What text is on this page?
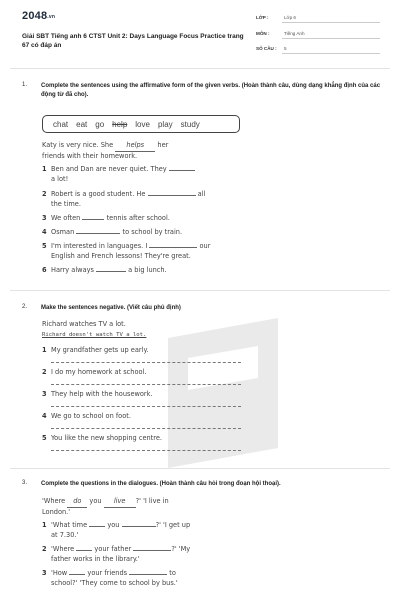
2048.vn
Giải SBT Tiếng anh 6 CTST Unit 2: Days Language Focus Practice trang 67 có đáp án
LỚP :	Lớp 6
MÔN :	Tiếng Anh
SỐ CÂU : 5
1. Complete the sentences using the affirmative form of the given verbs. (Hoàn thành câu, dùng dạng khẳng định của các động từ đã cho).
chat eat go help love play study
Katy is very nice. She helps her
friends with their homework.
1 Ben and Dan are never quiet. They
a lot!
2 Robert is a good student. He	all
the time.
3 We often	tennis after school.
4 Osman	to school by train.
5 I'm interested in languages. I	our
English and French lessons! They're great.
6 Harry always	a big lunch.
2. Make the sentences negative. (Viết câu phủ định)
Richard watches TV a lot.
Richard doesn't watch TV a lot.
1 My grandfather gets up early.
2 I do my homework at school.
3 They help with the housework.
4 We go to school on foot.
5 You like the new shopping centre.
3. Complete the questions in the dialogues. (Hoàn thành câu hỏi trong đoạn hội thoại).
'Where do you live ?' 'I live in
London.'
1 'What time	you	?' 'I get up
at 7.30.'
2 'Where	your father	?' 'My
father works in the library.'
3 'How	your friends	to
school?' 'They come to school by bus.'
